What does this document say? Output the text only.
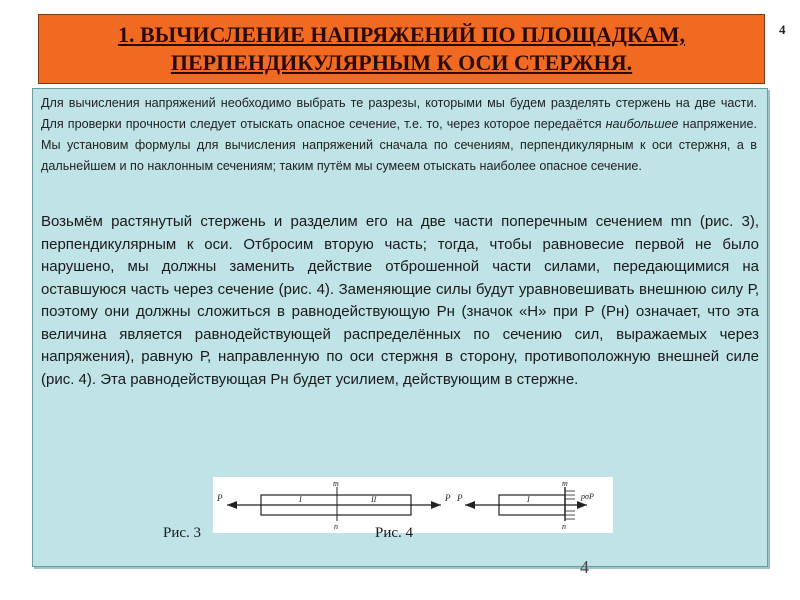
1. ВЫЧИСЛЕНИЕ НАПРЯЖЕНИЙ ПО ПЛОЩАДКАМ,
ПЕРПЕНДИКУЛЯРНЫМ К ОСИ СТЕРЖНЯ.
4
Для вычисления напряжений необходимо выбрать те разрезы, которыми мы будем разделять стержень на две части. Для проверки прочности следует отыскать опасное сечение, т.е. то, через которое передаётся наибольшее напряжение. Мы установим формулы для вычисления напряжений сначала по сечениям, перпендикулярным к оси стержня, а в дальнейшем и по наклонным сечениям; таким путём мы сумеем отыскать наиболее опасное сечение.
Возьмём растянутый стержень и разделим его на две части поперечным сечением mn (рис. 3), перпендикулярным к оси. Отбросим вторую часть; тогда, чтобы равновесие первой не было нарушено, мы должны заменить действие отброшенной части силами, передающимися на оставшуюся часть через сечение (рис. 4). Заменяющие силы будут уравновешивать внешнюю силу Р, поэтому они должны сложиться в равнодействующую Рн (значок «Н» при Р (Рн) означает, что эта величина является равнодействующей распределённых по сечению сил, выражаемых через напряжения), равную Р, направленную по оси стержня в сторону, противоположную внешней силе (рис. 4). Эта равнодействующая Рн будет усилием, действующим в стержне.
P	P
m
n
I	II	P
m
n
I	pσP
Рис. 3	Рис. 4
4
